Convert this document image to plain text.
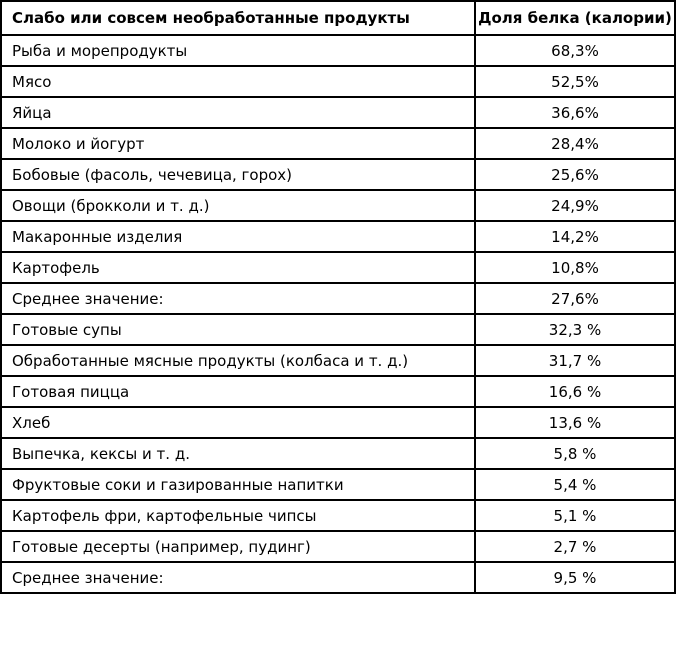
Слабо или совсем необработанные продукты	Доля белка (калории)
Рыба и морепродукты	68,3%
Мясо	52,5%
Яйца	36,6%
Молоко и йогурт	28,4%
Бобовые (фасоль, чечевица, горох)	25,6%
Овощи (брокколи и т. д.)	24,9%
Макаронные изделия	14,2%
Картофель	10,8%
Среднее значение:	27,6%
Готовые супы	32,3 %
Обработанные мясные продукты (колбаса и т. д.)	31,7 %
Готовая пицца	16,6 %
Хлеб	13,6 %
Выпечка, кексы и т. д.	5,8 %
Фруктовые соки и газированные напитки	5,4 %
Картофель фри, картофельные чипсы	5,1 %
Готовые десерты (например, пудинг)	2,7 %
Среднее значение:	9,5 %
